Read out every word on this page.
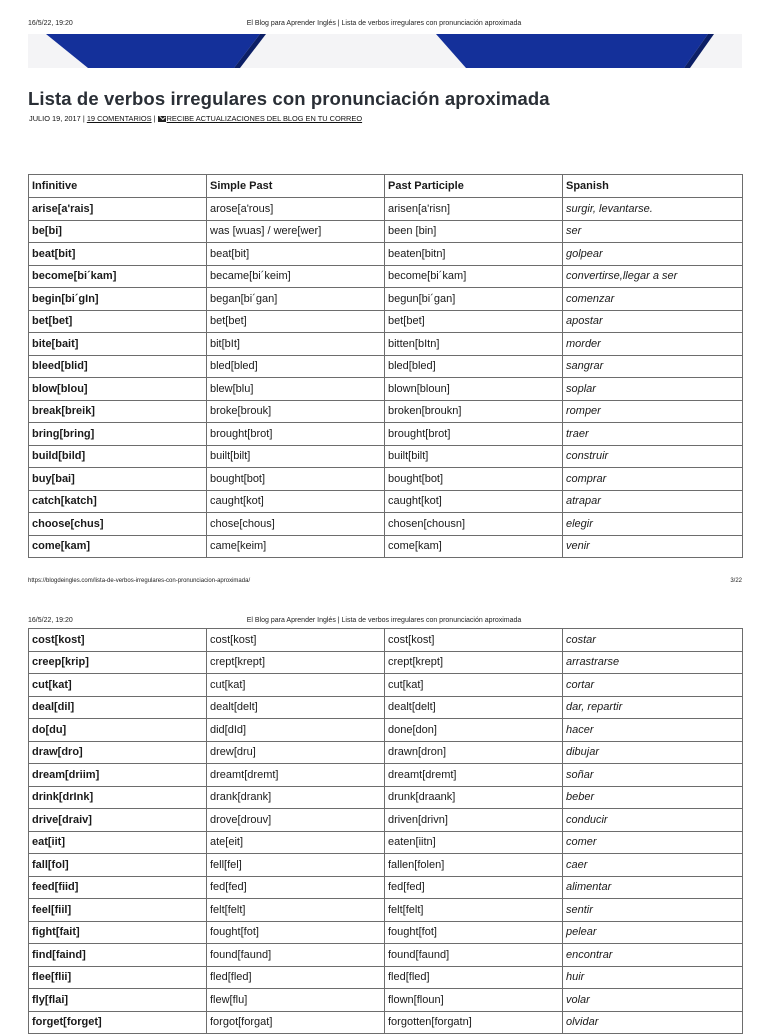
16/5/22, 19:20	El Blog para Aprender Inglés | Lista de verbos irregulares con pronunciación aproximada
Lista de verbos irregulares con pronunciación aproximada
JULIO 19, 2017 | 19 COMENTARIOS | RECIBE ACTUALIZACIONES DEL BLOG EN TU CORREO
Infinitive	Simple Past	Past Participle	Spanish
arise[a'rais]	arose[a'rous]	arisen[a'risn]	surgir, levantarse.
be[bi]	was [wuas] / were[wer]	been [bin]	ser
beat[bit]	beat[bit]	beaten[bitn]	golpear
become[bi´kam]	became[bi´keim]	become[bi´kam]	convertirse,llegar a ser
begin[bi´gIn]	began[bi´gan]	begun[bi´gan]	comenzar
bet[bet]	bet[bet]	bet[bet]	apostar
bite[bait]	bit[bIt]	bitten[bItn]	morder
bleed[blid]	bled[bled]	bled[bled]	sangrar
blow[blou]	blew[blu]	blown[bloun]	soplar
break[breik]	broke[brouk]	broken[broukn]	romper
bring[bring]	brought[brot]	brought[brot]	traer
build[bild]	built[bilt]	built[bilt]	construir
buy[bai]	bought[bot]	bought[bot]	comprar
catch[katch]	caught[kot]	caught[kot]	atrapar
choose[chus]	chose[chous]	chosen[chousn]	elegir
come[kam]	came[keim]	come[kam]	venir
https://blogdeingles.com/lista-de-verbos-irregulares-con-pronunciacion-aproximada/	3/22
16/5/22, 19:20	El Blog para Aprender Inglés | Lista de verbos irregulares con pronunciación aproximada
cost[kost]	cost[kost]	cost[kost]	costar
creep[krip]	crept[krept]	crept[krept]	arrastrarse
cut[kat]	cut[kat]	cut[kat]	cortar
deal[dil]	dealt[delt]	dealt[delt]	dar, repartir
do[du]	did[dId]	done[don]	hacer
draw[dro]	drew[dru]	drawn[dron]	dibujar
dream[driim]	dreamt[dremt]	dreamt[dremt]	soñar
drink[drInk]	drank[drank]	drunk[draank]	beber
drive[draiv]	drove[drouv]	driven[drivn]	conducir
eat[iit]	ate[eit]	eaten[iitn]	comer
fall[fol]	fell[fel]	fallen[folen]	caer
feed[fiid]	fed[fed]	fed[fed]	alimentar
feel[fiil]	felt[felt]	felt[felt]	sentir
fight[fait]	fought[fot]	fought[fot]	pelear
find[faind]	found[faund]	found[faund]	encontrar
flee[flii]	fled[fled]	fled[fled]	huir
fly[flai]	flew[flu]	flown[floun]	volar
forget[forget]	forgot[forgat]	forgotten[forgatn]	olvidar
